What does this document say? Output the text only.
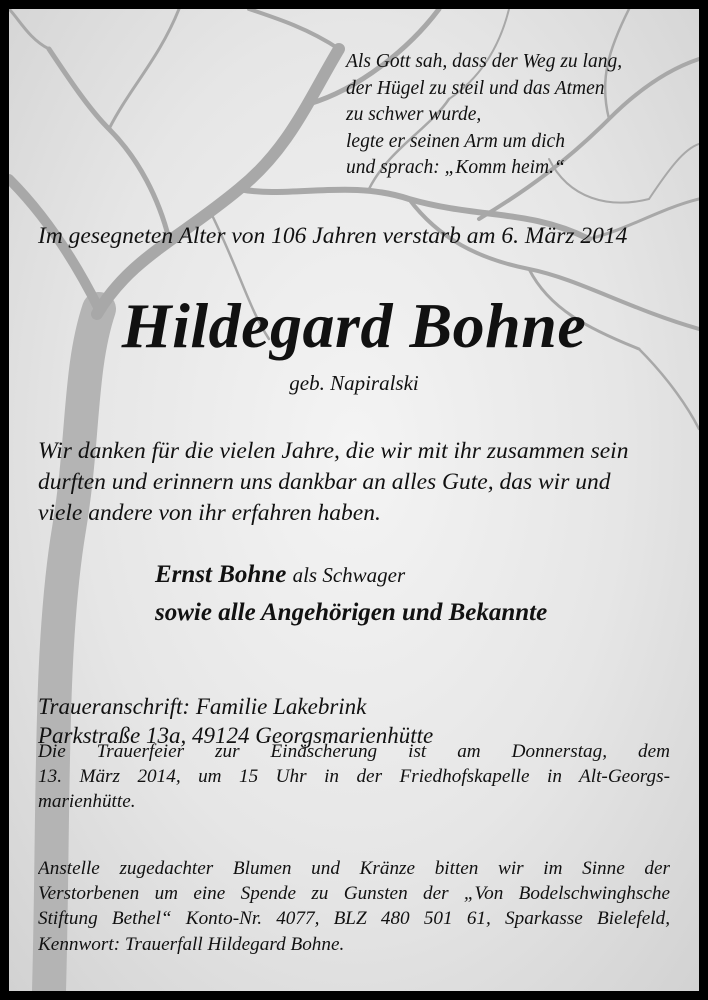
Als Gott sah, dass der Weg zu lang,
der Hügel zu steil und das Atmen
zu schwer wurde,
legte er seinen Arm um dich
und sprach: „Komm heim.“
Im gesegneten Alter von 106 Jahren verstarb am 6. März 2014
Hildegard Bohne
geb. Napiralski
Wir danken für die vielen Jahre, die wir mit ihr zusammen sein
durften und erinnern uns dankbar an alles Gute, das wir und
viele andere von ihr erfahren haben.
Ernst Bohne als Schwager
sowie alle Angehörigen und Bekannte
Traueranschrift: Familie Lakebrink
Parkstraße 13a, 49124 Georgsmarienhütte
Die Trauerfeier zur Einäscherung ist am Donnerstag, dem
13. März 2014, um 15 Uhr in der Friedhofskapelle in Alt-Georgs-
marienhütte.
Anstelle zugedachter Blumen und Kränze bitten wir im Sinne der
Verstorbenen um eine Spende zu Gunsten der „Von Bodelschwinghsche
Stiftung Bethel“ Konto-Nr. 4077, BLZ 480 501 61, Sparkasse Bielefeld,
Kennwort: Trauerfall Hildegard Bohne.
